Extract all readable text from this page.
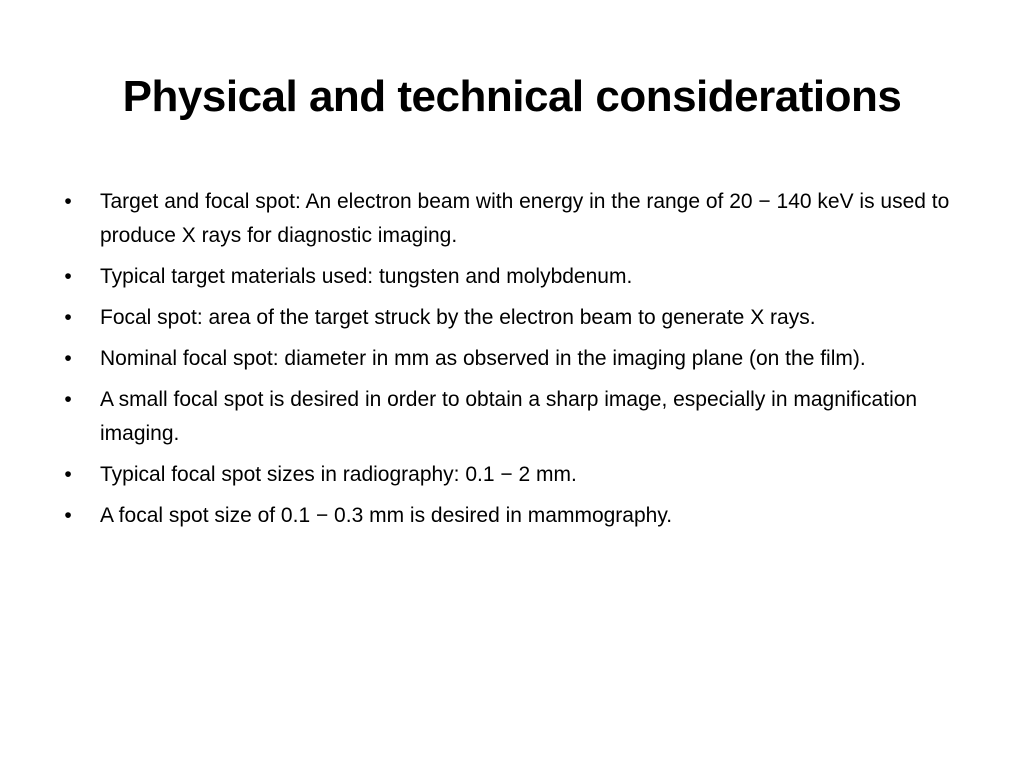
Physical and technical considerations
•	Target and focal spot: An electron beam with energy in the range of 20 − 140 keV is used to produce X rays for diagnostic imaging.
•	Typical target materials used: tungsten and molybdenum.
•	Focal spot: area of the target struck by the electron beam to generate X rays.
•	Nominal focal spot: diameter in mm as observed in the imaging plane (on the film).
•	A small focal spot is desired in order to obtain a sharp image, especially in magnification imaging.
•	Typical focal spot sizes in radiography: 0.1 − 2 mm.
•	A focal spot size of 0.1 − 0.3 mm is desired in mammography.
